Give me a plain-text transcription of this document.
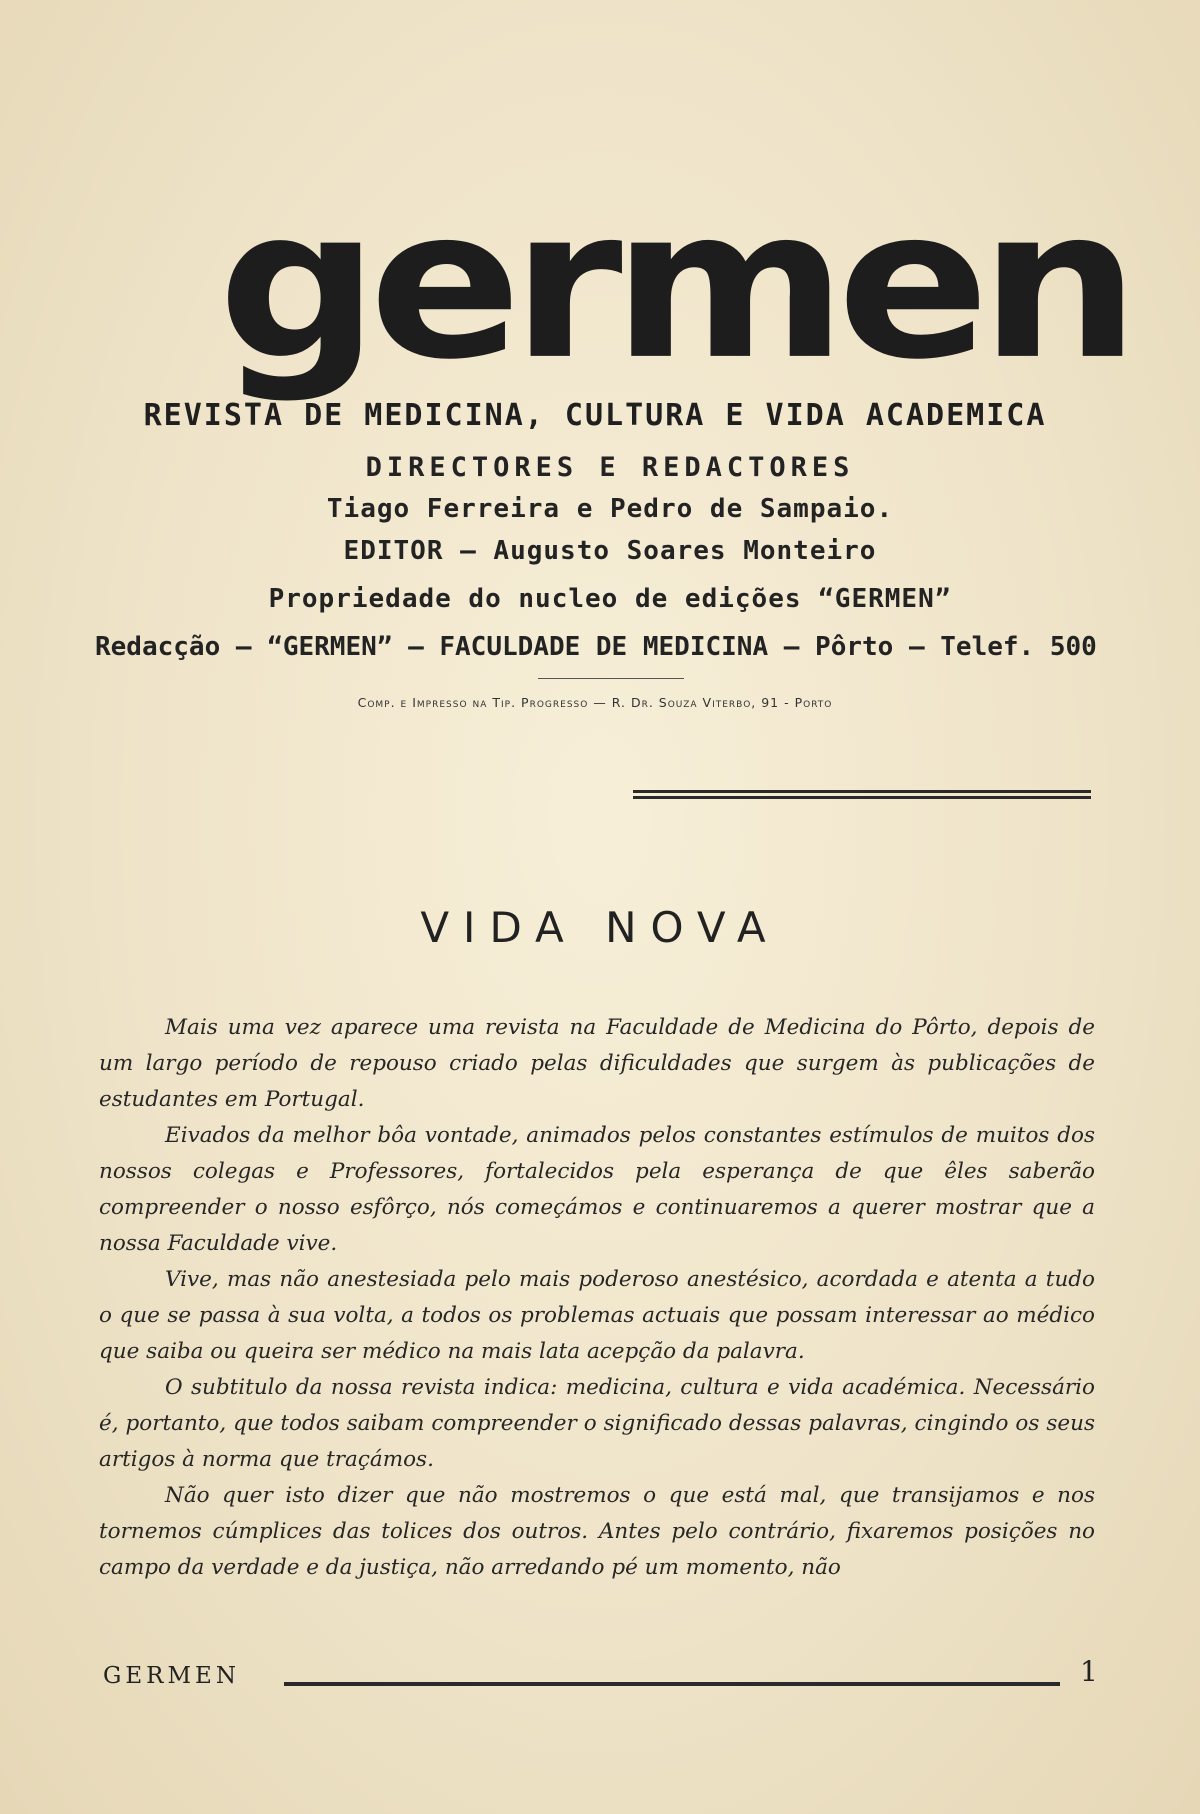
germen
REVISTA DE MEDICINA, CULTURA E VIDA ACADEMICA
DIRECTORES E REDACTORES
Tiago Ferreira e Pedro de Sampaio.
EDITOR — Augusto Soares Monteiro
Propriedade do nucleo de edições “GERMEN”
Redacção — “GERMEN” — FACULDADE DE MEDICINA — Pôrto — Telef. 500
Comp. e Impresso na Tip. Progresso — R. Dr. Souza Viterbo, 91 - Porto
VIDA NOVA

Mais uma vez aparece uma revista na Faculdade de Medicina do Pôrto, depois de um largo período de repouso criado pelas dificuldades que surgem às publicações de estudantes em Portugal.

Eivados da melhor bôa vontade, animados pelos constantes estímulos de muitos dos nossos colegas e Professores, fortalecidos pela esperança de que êles saberão compreender o nosso esfôrço, nós começámos e continuaremos a querer mostrar que a nossa Faculdade vive.

Vive, mas não anestesiada pelo mais poderoso anestésico, acordada e atenta a tudo o que se passa à sua volta, a todos os problemas actuais que possam interessar ao médico que saiba ou queira ser médico na mais lata acepção da palavra.

O subtitulo da nossa revista indica: medicina, cultura e vida académica. Necessário é, portanto, que todos saibam compreender o significado dessas palavras, cingindo os seus artigos à norma que traçámos.

Não quer isto dizer que não mostremos o que está mal, que transijamos e nos tornemos cúmplices das tolices dos outros. Antes pelo contrário, fixaremos posições no campo da verdade e da justiça, não arredando pé um momento, não

GERMEN	1
